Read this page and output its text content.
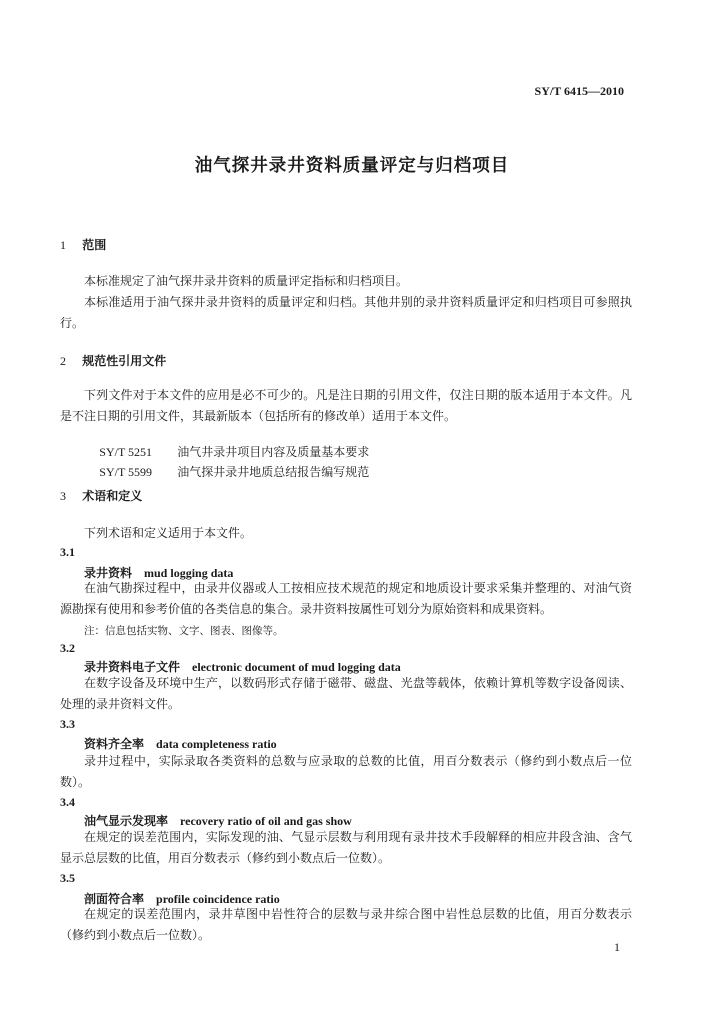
SY/T 6415—2010
油气探井录井资料质量评定与归档项目
1 范围

本标准规定了油气探井录井资料的质量评定指标和归档项目。

本标准适用于油气探井录井资料的质量评定和归档。其他井别的录井资料质量评定和归档项目可参照执行。

2 规范性引用文件

下列文件对于本文件的应用是必不可少的。凡是注日期的引用文件，仅注日期的版本适用于本文件。凡是不注日期的引用文件，其最新版本（包括所有的修改单）适用于本文件。

SY/T 5251 油气井录井项目内容及质量基本要求

SY/T 5599 油气探井录井地质总结报告编写规范

3 术语和定义

下列术语和定义适用于本文件。

3.1
录井资料 mud logging data

在油气勘探过程中，由录井仪器或人工按相应技术规范的规定和地质设计要求采集并整理的、对油气资源勘探有使用和参考价值的各类信息的集合。录井资料按属性可划分为原始资料和成果资料。

注：信息包括实物、文字、图表、图像等。
3.2
录井资料电子文件 electronic document of mud logging data

在数字设备及环境中生产，以数码形式存储于磁带、磁盘、光盘等载体，依赖计算机等数字设备阅读、处理的录井资料文件。

3.3
资料齐全率 data completeness ratio

录井过程中，实际录取各类资料的总数与应录取的总数的比值，用百分数表示（修约到小数点后一位数）。

3.4
油气显示发现率 recovery ratio of oil and gas show

在规定的误差范围内，实际发现的油、气显示层数与利用现有录井技术手段解释的相应井段含油、含气显示总层数的比值，用百分数表示（修约到小数点后一位数）。

3.5
剖面符合率 profile coincidence ratio

在规定的误差范围内，录井草图中岩性符合的层数与录井综合图中岩性总层数的比值，用百分数表示（修约到小数点后一位数）。

1
